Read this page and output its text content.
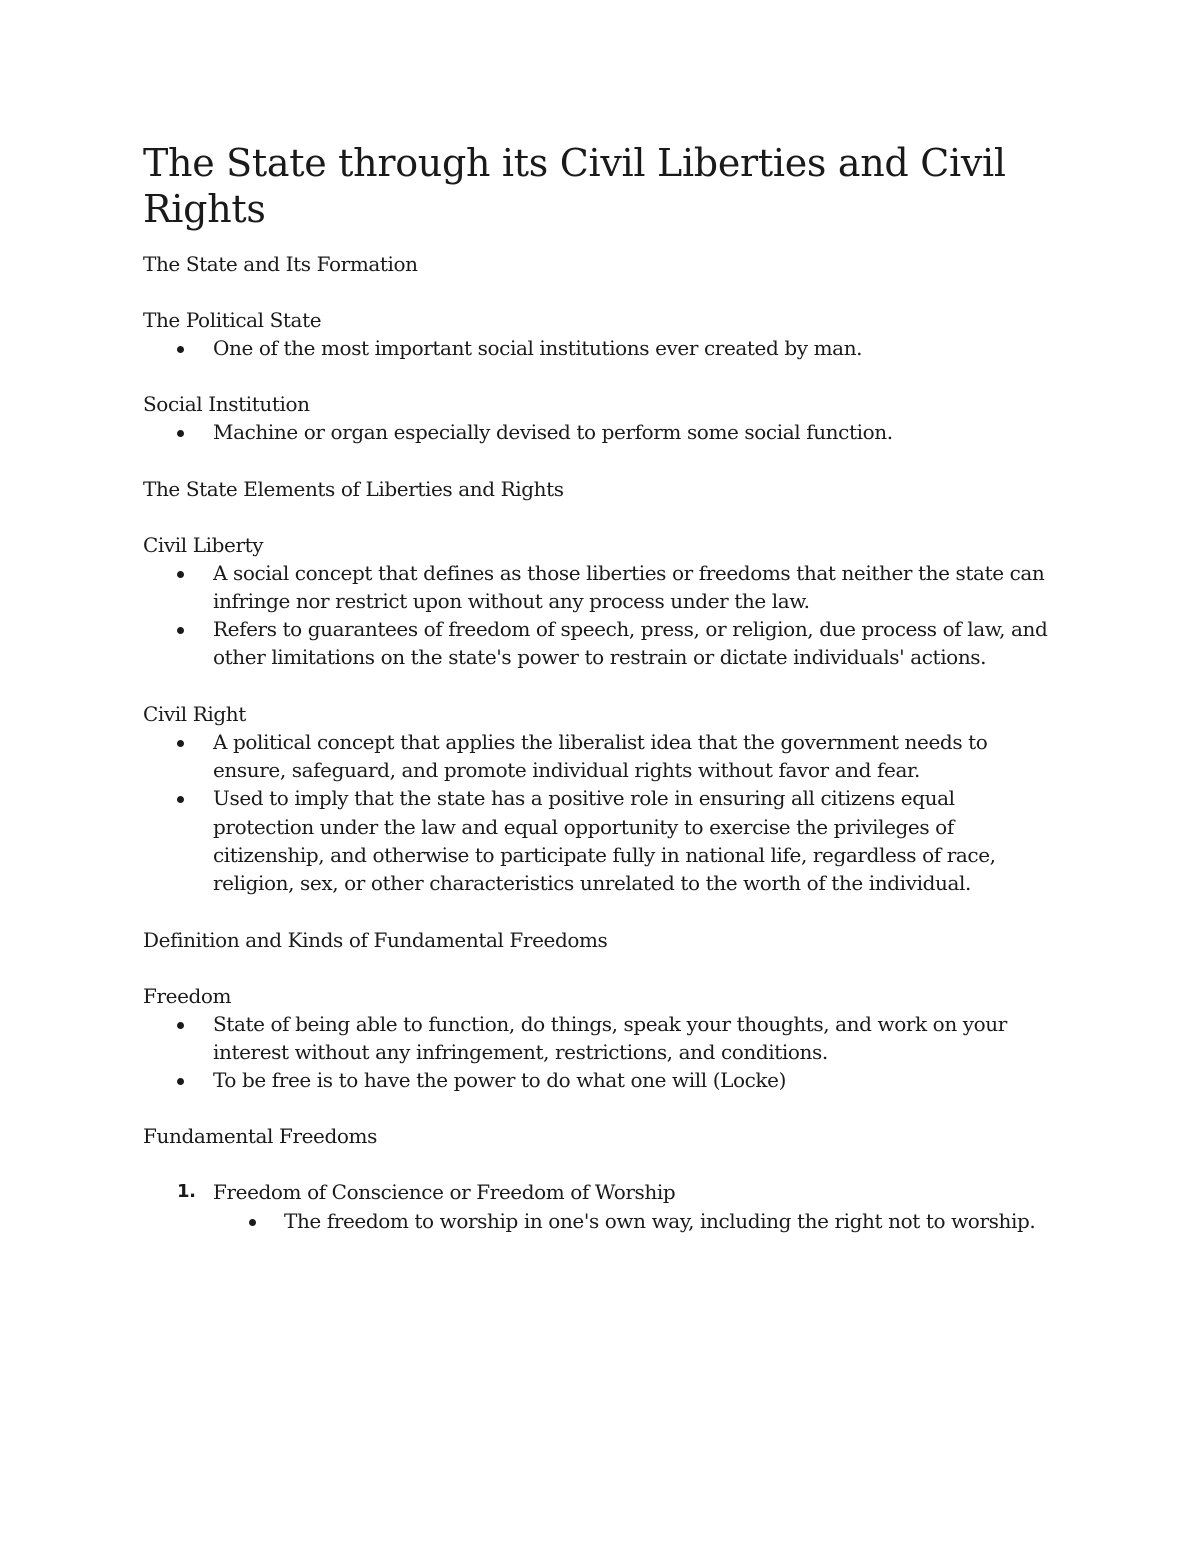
The State through its Civil Liberties and Civil Rights

The State and Its Formation

The Political State

One of the most important social institutions ever created by man.

Social Institution

Machine or organ especially devised to perform some social function.

The State Elements of Liberties and Rights

Civil Liberty

A social concept that defines as those liberties or freedoms that neither the state can infringe nor restrict upon without any process under the law.
Refers to guarantees of freedom of speech, press, or religion, due process of law, and other limitations on the state's power to restrain or dictate individuals' actions.

Civil Right

A political concept that applies the liberalist idea that the government needs to ensure, safeguard, and promote individual rights without favor and fear.
Used to imply that the state has a positive role in ensuring all citizens equal protection under the law and equal opportunity to exercise the privileges of citizenship, and otherwise to participate fully in national life, regardless of race, religion, sex, or other characteristics unrelated to the worth of the individual.

Definition and Kinds of Fundamental Freedoms

Freedom

State of being able to function, do things, speak your thoughts, and work on your interest without any infringement, restrictions, and conditions.
To be free is to have the power to do what one will (Locke)

Fundamental Freedoms

1. Freedom of Conscience or Freedom of Worship
The freedom to worship in one's own way, including the right not to worship.
